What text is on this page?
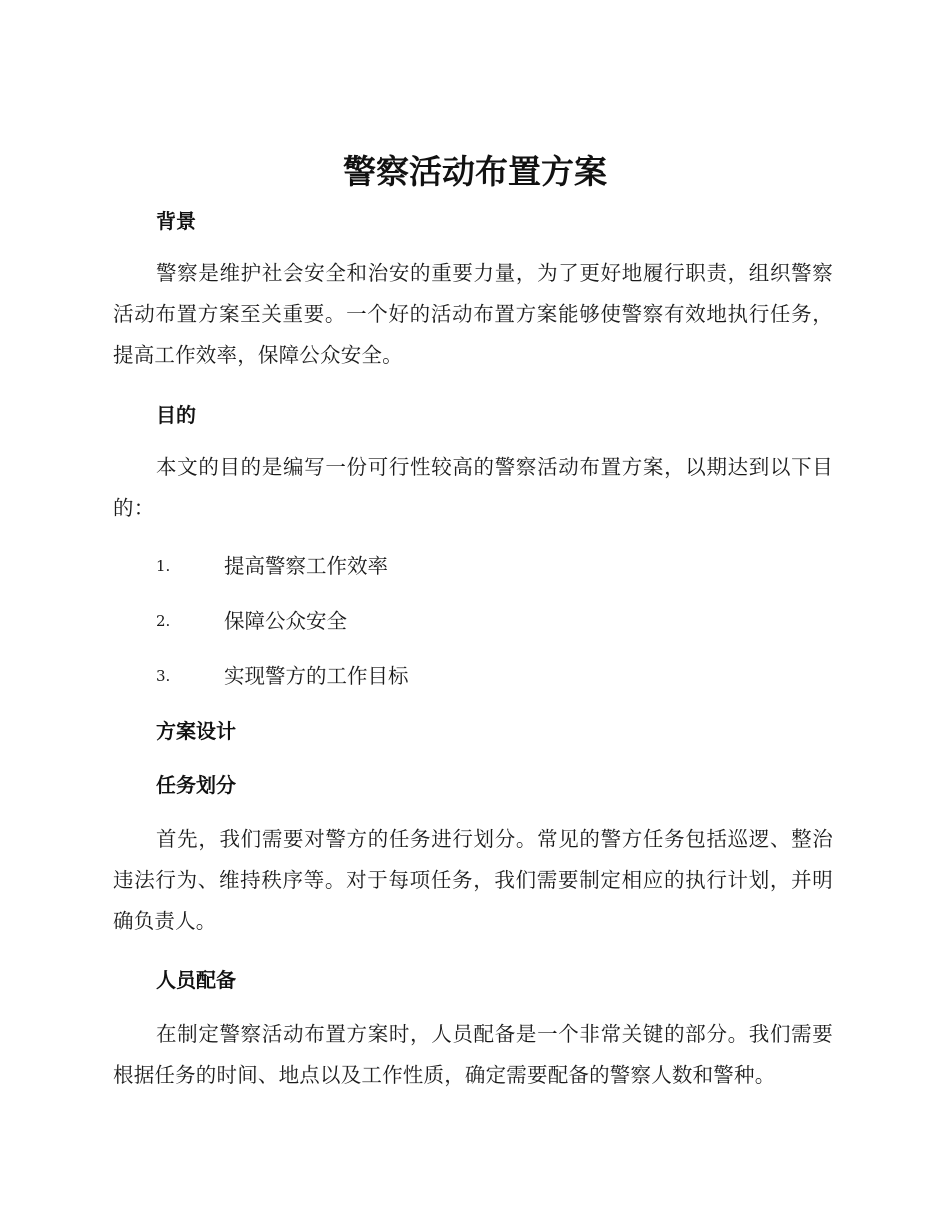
警察活动布置方案
背景
警察是维护社会安全和治安的重要力量，为了更好地履行职责，组织警察活动布置方案至关重要。一个好的活动布置方案能够使警察有效地执行任务，提高工作效率，保障公众安全。
目的
本文的目的是编写一份可行性较高的警察活动布置方案，以期达到以下目的：
1.	提高警察工作效率
2.	保障公众安全
3.	实现警方的工作目标
方案设计
任务划分
首先，我们需要对警方的任务进行划分。常见的警方任务包括巡逻、整治违法行为、维持秩序等。对于每项任务，我们需要制定相应的执行计划，并明确负责人。
人员配备
在制定警察活动布置方案时，人员配备是一个非常关键的部分。我们需要根据任务的时间、地点以及工作性质，确定需要配备的警察人数和警种。
